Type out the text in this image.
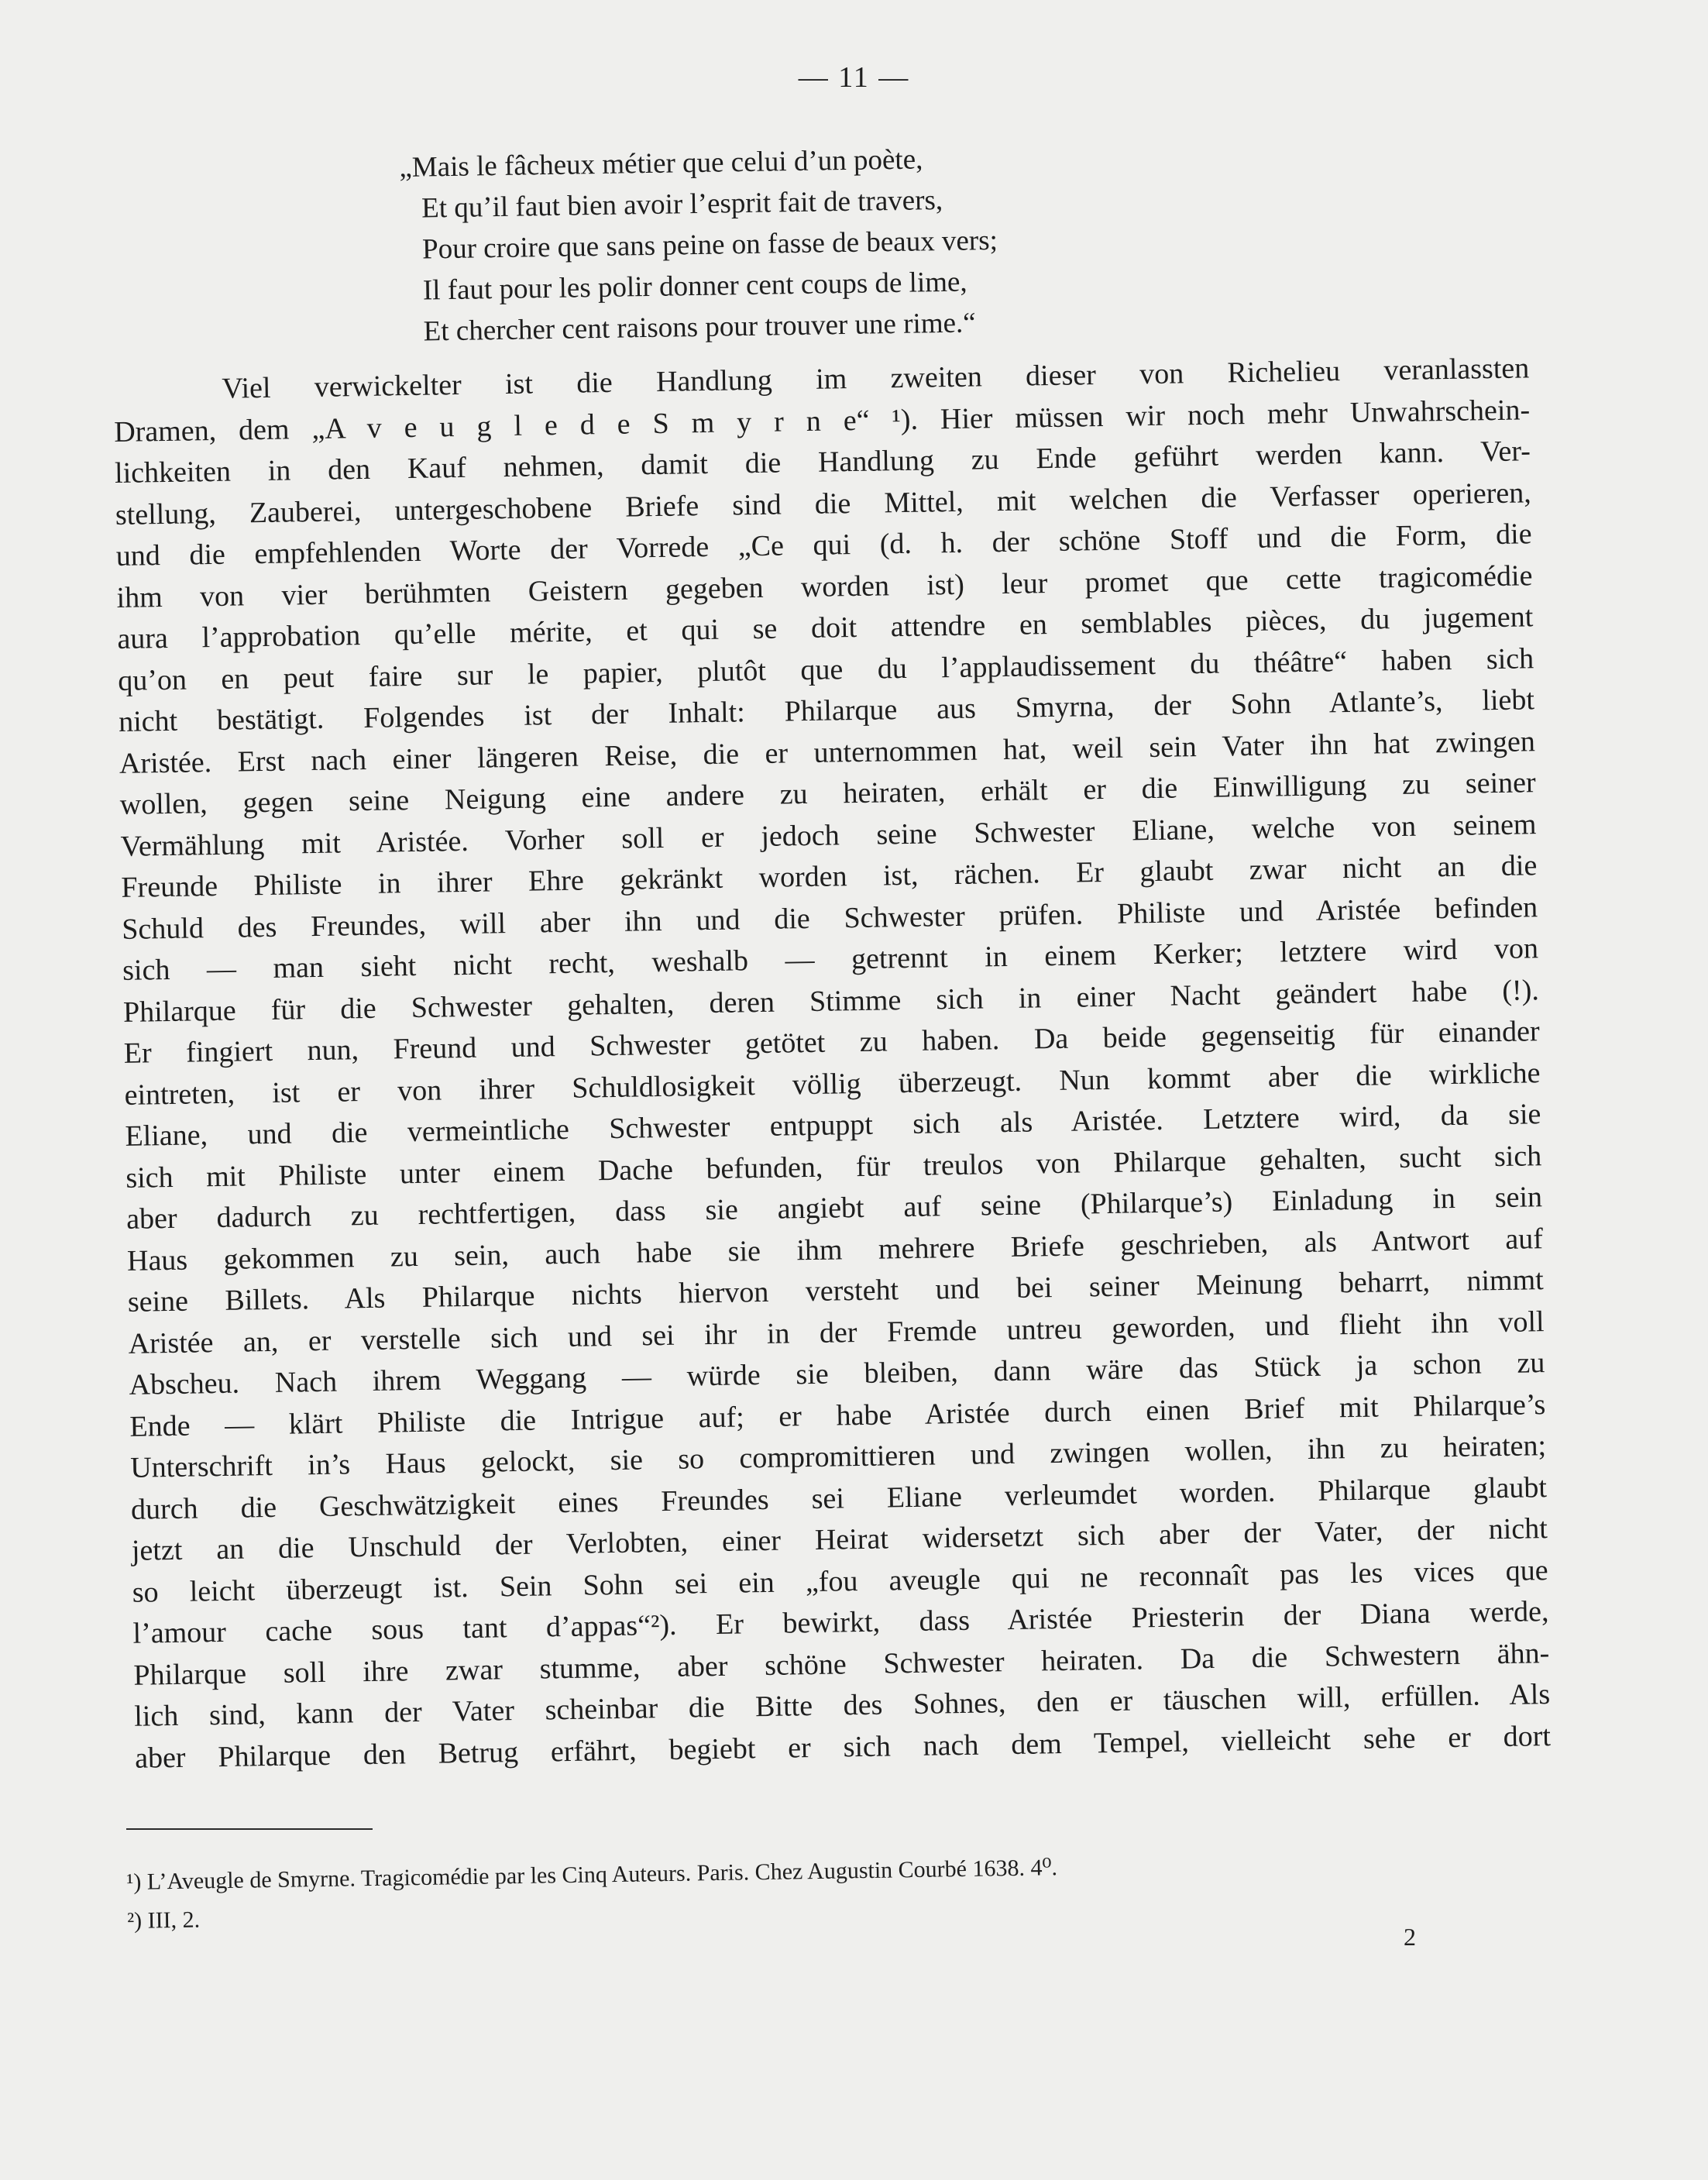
— 11 —
„Mais le fâcheux métier que celui d’un poète,
Et qu’il faut bien avoir l’esprit fait de travers,
Pour croire que sans peine on fasse de beaux vers;
Il faut pour les polir donner cent coups de lime,
Et chercher cent raisons pour trouver une rime.“
Viel verwickelter ist die Handlung im zweiten dieser von Richelieu veranlassten
Dramen, dem „A v e u g l e d e S m y r n e“ ¹). Hier müssen wir noch mehr Unwahrschein-
lichkeiten in den Kauf nehmen, damit die Handlung zu Ende geführt werden kann. Ver-
stellung, Zauberei, untergeschobene Briefe sind die Mittel, mit welchen die Verfasser operieren,
und die empfehlenden Worte der Vorrede „Ce qui (d. h. der schöne Stoff und die Form, die
ihm von vier berühmten Geistern gegeben worden ist) leur promet que cette tragicomédie
aura l’approbation qu’elle mérite, et qui se doit attendre en semblables pièces, du jugement
qu’on en peut faire sur le papier, plutôt que du l’applaudissement du théâtre“ haben sich
nicht bestätigt. Folgendes ist der Inhalt: Philarque aus Smyrna, der Sohn Atlante’s, liebt
Aristée. Erst nach einer längeren Reise, die er unternommen hat, weil sein Vater ihn hat zwingen
wollen, gegen seine Neigung eine andere zu heiraten, erhält er die Einwilligung zu seiner
Vermählung mit Aristée. Vorher soll er jedoch seine Schwester Eliane, welche von seinem
Freunde Philiste in ihrer Ehre gekränkt worden ist, rächen. Er glaubt zwar nicht an die
Schuld des Freundes, will aber ihn und die Schwester prüfen. Philiste und Aristée befinden
sich — man sieht nicht recht, weshalb — getrennt in einem Kerker; letztere wird von
Philarque für die Schwester gehalten, deren Stimme sich in einer Nacht geändert habe (!).
Er fingiert nun, Freund und Schwester getötet zu haben. Da beide gegenseitig für einander
eintreten, ist er von ihrer Schuldlosigkeit völlig überzeugt. Nun kommt aber die wirkliche
Eliane, und die vermeintliche Schwester entpuppt sich als Aristée. Letztere wird, da sie
sich mit Philiste unter einem Dache befunden, für treulos von Philarque gehalten, sucht sich
aber dadurch zu rechtfertigen, dass sie angiebt auf seine (Philarque’s) Einladung in sein
Haus gekommen zu sein, auch habe sie ihm mehrere Briefe geschrieben, als Antwort auf
seine Billets. Als Philarque nichts hiervon versteht und bei seiner Meinung beharrt, nimmt
Aristée an, er verstelle sich und sei ihr in der Fremde untreu geworden, und flieht ihn voll
Abscheu. Nach ihrem Weggang — würde sie bleiben, dann wäre das Stück ja schon zu
Ende — klärt Philiste die Intrigue auf; er habe Aristée durch einen Brief mit Philarque’s
Unterschrift in’s Haus gelockt, sie so compromittieren und zwingen wollen, ihn zu heiraten;
durch die Geschwätzigkeit eines Freundes sei Eliane verleumdet worden. Philarque glaubt
jetzt an die Unschuld der Verlobten, einer Heirat widersetzt sich aber der Vater, der nicht
so leicht überzeugt ist. Sein Sohn sei ein „fou aveugle qui ne reconnaît pas les vices que
l’amour cache sous tant d’appas“²). Er bewirkt, dass Aristée Priesterin der Diana werde,
Philarque soll ihre zwar stumme, aber schöne Schwester heiraten. Da die Schwestern ähn-
lich sind, kann der Vater scheinbar die Bitte des Sohnes, den er täuschen will, erfüllen. Als
aber Philarque den Betrug erfährt, begiebt er sich nach dem Tempel, vielleicht sehe er dort
¹) L’Aveugle de Smyrne. Tragicomédie par les Cinq Auteurs. Paris. Chez Augustin Courbé 1638. 4⁰.
²) III, 2.
2
